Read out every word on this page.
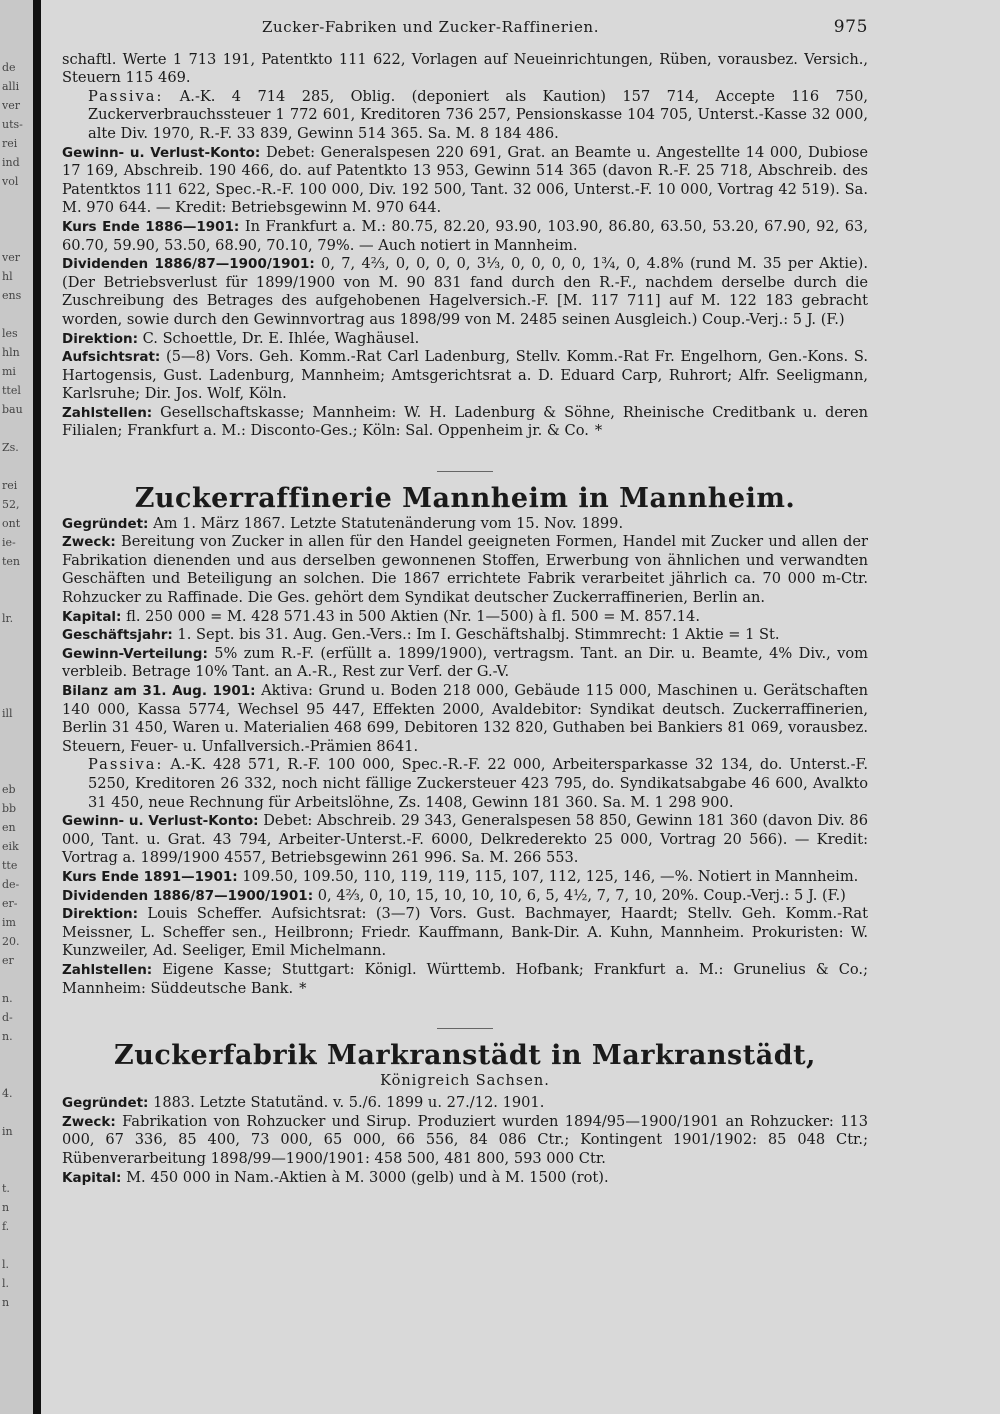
de
alli
ver
uts-
rei
ind
vol
ver
hl
ens
les
hln
mi
ttel
bau
Zs.
rei
52,
ont
ie-
ten
lr.
ill
eb
bb
en
eik
tte
de-
er-
im
20.
er
n.
d-
n.
4.
in
t.
n
f.
l.
l.
n
Zucker-Fabriken und Zucker-Raffinerien.	975

schaftl. Werte 1 713 191, Patentkto 111 622, Vorlagen auf Neueinrichtungen, Rüben, vorausbez. Versich., Steuern 115 469.

Passiva: A.-K. 4 714 285, Oblig. (deponiert als Kaution) 157 714, Accepte 116 750, Zuckerverbrauchssteuer 1 772 601, Kreditoren 736 257, Pensionskasse 104 705, Unterst.-Kasse 32 000, alte Div. 1970, R.-F. 33 839, Gewinn 514 365. Sa. M. 8 184 486.

Gewinn- u. Verlust-Konto: Debet: Generalspesen 220 691, Grat. an Beamte u. Angestellte 14 000, Dubiose 17 169, Abschreib. 190 466, do. auf Patentkto 13 953, Gewinn 514 365 (davon R.-F. 25 718, Abschreib. des Patentktos 111 622, Spec.-R.-F. 100 000, Div. 192 500, Tant. 32 006, Unterst.-F. 10 000, Vortrag 42 519). Sa. M. 970 644. — Kredit: Betriebsgewinn M. 970 644.

Kurs Ende 1886—1901: In Frankfurt a. M.: 80.75, 82.20, 93.90, 103.90, 86.80, 63.50, 53.20, 67.90, 92, 63, 60.70, 59.90, 53.50, 68.90, 70.10, 79%. — Auch notiert in Mannheim.

Dividenden 1886/87—1900/1901: 0, 7, 4⅔, 0, 0, 0, 0, 3⅓, 0, 0, 0, 0, 1¾, 0, 4.8% (rund M. 35 per Aktie). (Der Betriebsverlust für 1899/1900 von M. 90 831 fand durch den R.-F., nachdem derselbe durch die Zuschreibung des Betrages des aufgehobenen Hagelversich.-F. [M. 117 711] auf M. 122 183 gebracht worden, sowie durch den Gewinnvortrag aus 1898/99 von M. 2485 seinen Ausgleich.) Coup.-Verj.: 5 J. (F.)

Direktion: C. Schoettle, Dr. E. Ihlée, Waghäusel.

Aufsichtsrat: (5—8) Vors. Geh. Komm.-Rat Carl Ladenburg, Stellv. Komm.-Rat Fr. Engelhorn, Gen.-Kons. S. Hartogensis, Gust. Ladenburg, Mannheim; Amtsgerichtsrat a. D. Eduard Carp, Ruhrort; Alfr. Seeligmann, Karlsruhe; Dir. Jos. Wolf, Köln.

Zahlstellen: Gesellschaftskasse; Mannheim: W. H. Ladenburg & Söhne, Rheinische Creditbank u. deren Filialen; Frankfurt a. M.: Disconto-Ges.; Köln: Sal. Oppenheim jr. & Co. *

Zuckerraffinerie Mannheim in Mannheim.

Gegründet: Am 1. März 1867. Letzte Statutenänderung vom 15. Nov. 1899.

Zweck: Bereitung von Zucker in allen für den Handel geeigneten Formen, Handel mit Zucker und allen der Fabrikation dienenden und aus derselben gewonnenen Stoffen, Erwerbung von ähnlichen und verwandten Geschäften und Beteiligung an solchen. Die 1867 errichtete Fabrik verarbeitet jährlich ca. 70 000 m-Ctr. Rohzucker zu Raffinade. Die Ges. gehört dem Syndikat deutscher Zuckerraffinerien, Berlin an.

Kapital: fl. 250 000 = M. 428 571.43 in 500 Aktien (Nr. 1—500) à fl. 500 = M. 857.14.

Geschäftsjahr: 1. Sept. bis 31. Aug. Gen.-Vers.: Im I. Geschäftshalbj. Stimmrecht: 1 Aktie = 1 St.

Gewinn-Verteilung: 5% zum R.-F. (erfüllt a. 1899/1900), vertragsm. Tant. an Dir. u. Beamte, 4% Div., vom verbleib. Betrage 10% Tant. an A.-R., Rest zur Verf. der G.-V.

Bilanz am 31. Aug. 1901: Aktiva: Grund u. Boden 218 000, Gebäude 115 000, Maschinen u. Gerätschaften 140 000, Kassa 5774, Wechsel 95 447, Effekten 2000, Avaldebitor: Syndikat deutsch. Zuckerraffinerien, Berlin 31 450, Waren u. Materialien 468 699, Debitoren 132 820, Guthaben bei Bankiers 81 069, vorausbez. Steuern, Feuer- u. Unfallversich.-Prämien 8641.

Passiva: A.-K. 428 571, R.-F. 100 000, Spec.-R.-F. 22 000, Arbeitersparkasse 32 134, do. Unterst.-F. 5250, Kreditoren 26 332, noch nicht fällige Zuckersteuer 423 795, do. Syndikatsabgabe 46 600, Avalkto 31 450, neue Rechnung für Arbeitslöhne, Zs. 1408, Gewinn 181 360. Sa. M. 1 298 900.

Gewinn- u. Verlust-Konto: Debet: Abschreib. 29 343, Generalspesen 58 850, Gewinn 181 360 (davon Div. 86 000, Tant. u. Grat. 43 794, Arbeiter-Unterst.-F. 6000, Delkrederekto 25 000, Vortrag 20 566). — Kredit: Vortrag a. 1899/1900 4557, Betriebsgewinn 261 996. Sa. M. 266 553.

Kurs Ende 1891—1901: 109.50, 109.50, 110, 119, 119, 115, 107, 112, 125, 146, —%. Notiert in Mannheim.

Dividenden 1886/87—1900/1901: 0, 4⅔, 0, 10, 15, 10, 10, 10, 6, 5, 4½, 7, 7, 10, 20%. Coup.-Verj.: 5 J. (F.)

Direktion: Louis Scheffer. Aufsichtsrat: (3—7) Vors. Gust. Bachmayer, Haardt; Stellv. Geh. Komm.-Rat Meissner, L. Scheffer sen., Heilbronn; Friedr. Kauffmann, Bank-Dir. A. Kuhn, Mannheim. Prokuristen: W. Kunzweiler, Ad. Seeliger, Emil Michelmann.

Zahlstellen: Eigene Kasse; Stuttgart: Königl. Württemb. Hofbank; Frankfurt a. M.: Grunelius & Co.; Mannheim: Süddeutsche Bank. *

Zuckerfabrik Markranstädt in Markranstädt,
Königreich Sachsen.

Gegründet: 1883. Letzte Statutänd. v. 5./6. 1899 u. 27./12. 1901.

Zweck: Fabrikation von Rohzucker und Sirup. Produziert wurden 1894/95—1900/1901 an Rohzucker: 113 000, 67 336, 85 400, 73 000, 65 000, 66 556, 84 086 Ctr.; Kontingent 1901/1902: 85 048 Ctr.; Rübenverarbeitung 1898/99—1900/1901: 458 500, 481 800, 593 000 Ctr.

Kapital: M. 450 000 in Nam.-Aktien à M. 3000 (gelb) und à M. 1500 (rot).
